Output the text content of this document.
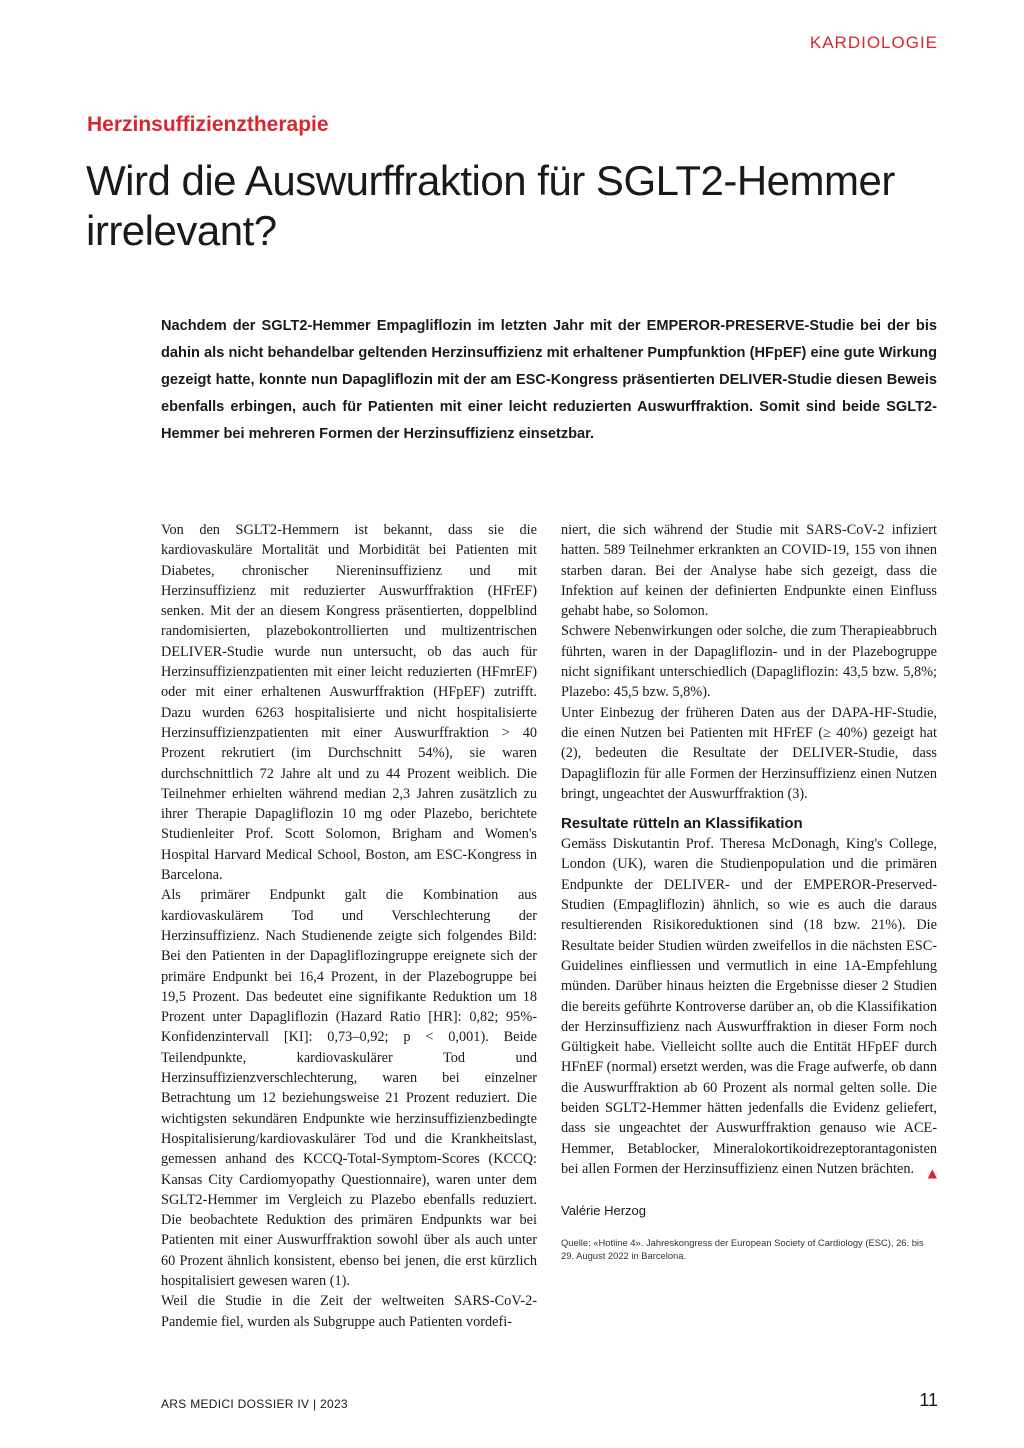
KARDIOLOGIE
Herzinsuffizienztherapie
Wird die Auswurffraktion für SGLT2-Hemmer irrelevant?

Nachdem der SGLT2-Hemmer Empagliflozin im letzten Jahr mit der EMPEROR-PRESERVE-Studie bei der bis dahin als nicht behandelbar geltenden Herzinsuffizienz mit erhaltener Pumpfunktion (HFpEF) eine gute Wirkung gezeigt hatte, konnte nun Dapagliflozin mit der am ESC-Kongress präsentierten DELIVER-Studie diesen Beweis ebenfalls erbingen, auch für Patienten mit einer leicht reduzierten Auswurffraktion. Somit sind beide SGLT2-Hemmer bei mehreren Formen der Herzinsuffizienz einsetzbar.

Von den SGLT2-Hemmern ist bekannt, dass sie die kardiovaskuläre Mortalität und Morbidität bei Patienten mit Diabetes, chronischer Niereninsuffizienz und mit Herzinsuffizienz mit reduzierter Auswurffraktion (HFrEF) senken. Mit der an diesem Kongress präsentierten, doppelblind randomisierten, plazebokontrollierten und multizentrischen DELIVER-Studie wurde nun untersucht, ob das auch für Herzinsuffizienzpatienten mit einer leicht reduzierten (HFmrEF) oder mit einer erhaltenen Auswurffraktion (HFpEF) zutrifft. Dazu wurden 6263 hospitalisierte und nicht hospitalisierte Herzinsuffizienzpatienten mit einer Auswurffraktion > 40 Prozent rekrutiert (im Durchschnitt 54%), sie waren durchschnittlich 72 Jahre alt und zu 44 Prozent weiblich. Die Teilnehmer erhielten während median 2,3 Jahren zusätzlich zu ihrer Therapie Dapagliflozin 10 mg oder Plazebo, berichtete Studienleiter Prof. Scott Solomon, Brigham and Women's Hospital Harvard Medical School, Boston, am ESC-Kongress in Barcelona.

Als primärer Endpunkt galt die Kombination aus kardiovaskulärem Tod und Verschlechterung der Herzinsuffizienz. Nach Studienende zeigte sich folgendes Bild: Bei den Patienten in der Dapagliflozingruppe ereignete sich der primäre Endpunkt bei 16,4 Prozent, in der Plazebogruppe bei 19,5 Prozent. Das bedeutet eine signifikante Reduktion um 18 Prozent unter Dapagliflozin (Hazard Ratio [HR]: 0,82; 95%-Konfidenzintervall [KI]: 0,73–0,92; p < 0,001). Beide Teilendpunkte, kardiovaskulärer Tod und Herzinsuffizienzverschlechterung, waren bei einzelner Betrachtung um 12 beziehungsweise 21 Prozent reduziert. Die wichtigsten sekundären Endpunkte wie herzinsuffizienzbedingte Hospitalisierung/kardiovaskulärer Tod und die Krankheitslast, gemessen anhand des KCCQ-Total-Symptom-Scores (KCCQ: Kansas City Cardiomyopathy Questionnaire), waren unter dem SGLT2-Hemmer im Vergleich zu Plazebo ebenfalls reduziert. Die beobachtete Reduktion des primären Endpunkts war bei Patienten mit einer Auswurffraktion sowohl über als auch unter 60 Prozent ähnlich konsistent, ebenso bei jenen, die erst kürzlich hospitalisiert gewesen waren (1).

Weil die Studie in die Zeit der weltweiten SARS-CoV-2-Pandemie fiel, wurden als Subgruppe auch Patienten vordefi-

niert, die sich während der Studie mit SARS-CoV-2 infiziert hatten. 589 Teilnehmer erkrankten an COVID-19, 155 von ihnen starben daran. Bei der Analyse habe sich gezeigt, dass die Infektion auf keinen der definierten Endpunkte einen Einfluss gehabt habe, so Solomon.

Schwere Nebenwirkungen oder solche, die zum Therapieabbruch führten, waren in der Dapagliflozin- und in der Plazebogruppe nicht signifikant unterschiedlich (Dapagliflozin: 43,5 bzw. 5,8%; Plazebo: 45,5 bzw. 5,8%).

Unter Einbezug der früheren Daten aus der DAPA-HF-Studie, die einen Nutzen bei Patienten mit HFrEF (≥ 40%) gezeigt hat (2), bedeuten die Resultate der DELIVER-Studie, dass Dapagliflozin für alle Formen der Herzinsuffizienz einen Nutzen bringt, ungeachtet der Auswurffraktion (3).

Resultate rütteln an Klassifikation

Gemäss Diskutantin Prof. Theresa McDonagh, King's College, London (UK), waren die Studienpopulation und die primären Endpunkte der DELIVER- und der EMPEROR-Preserved-Studien (Empagliflozin) ähnlich, so wie es auch die daraus resultierenden Risikoreduktionen sind (18 bzw. 21%). Die Resultate beider Studien würden zweifellos in die nächsten ESC-Guidelines einfliessen und vermutlich in eine 1A-Empfehlung münden. Darüber hinaus heizten die Ergebnisse dieser 2 Studien die bereits geführte Kontroverse darüber an, ob die Klassifikation der Herzinsuffizienz nach Auswurffraktion in dieser Form noch Gültigkeit habe. Vielleicht sollte auch die Entität HFpEF durch HFnEF (normal) ersetzt werden, was die Frage aufwerfe, ob dann die Auswurffraktion ab 60 Prozent als normal gelten solle. Die beiden SGLT2-Hemmer hätten jedenfalls die Evidenz geliefert, dass sie ungeachtet der Auswurffraktion genauso wie ACE-Hemmer, Betablocker, Mineralokortikoidrezeptorantagonisten bei allen Formen der Herzinsuffizienz einen Nutzen brächten. ▲

Valérie Herzog
Quelle: «Hotline 4». Jahreskongress der European Society of Cardiology (ESC), 26. bis 29. August 2022 in Barcelona.
ARS MEDICI DOSSIER IV | 2023	11
